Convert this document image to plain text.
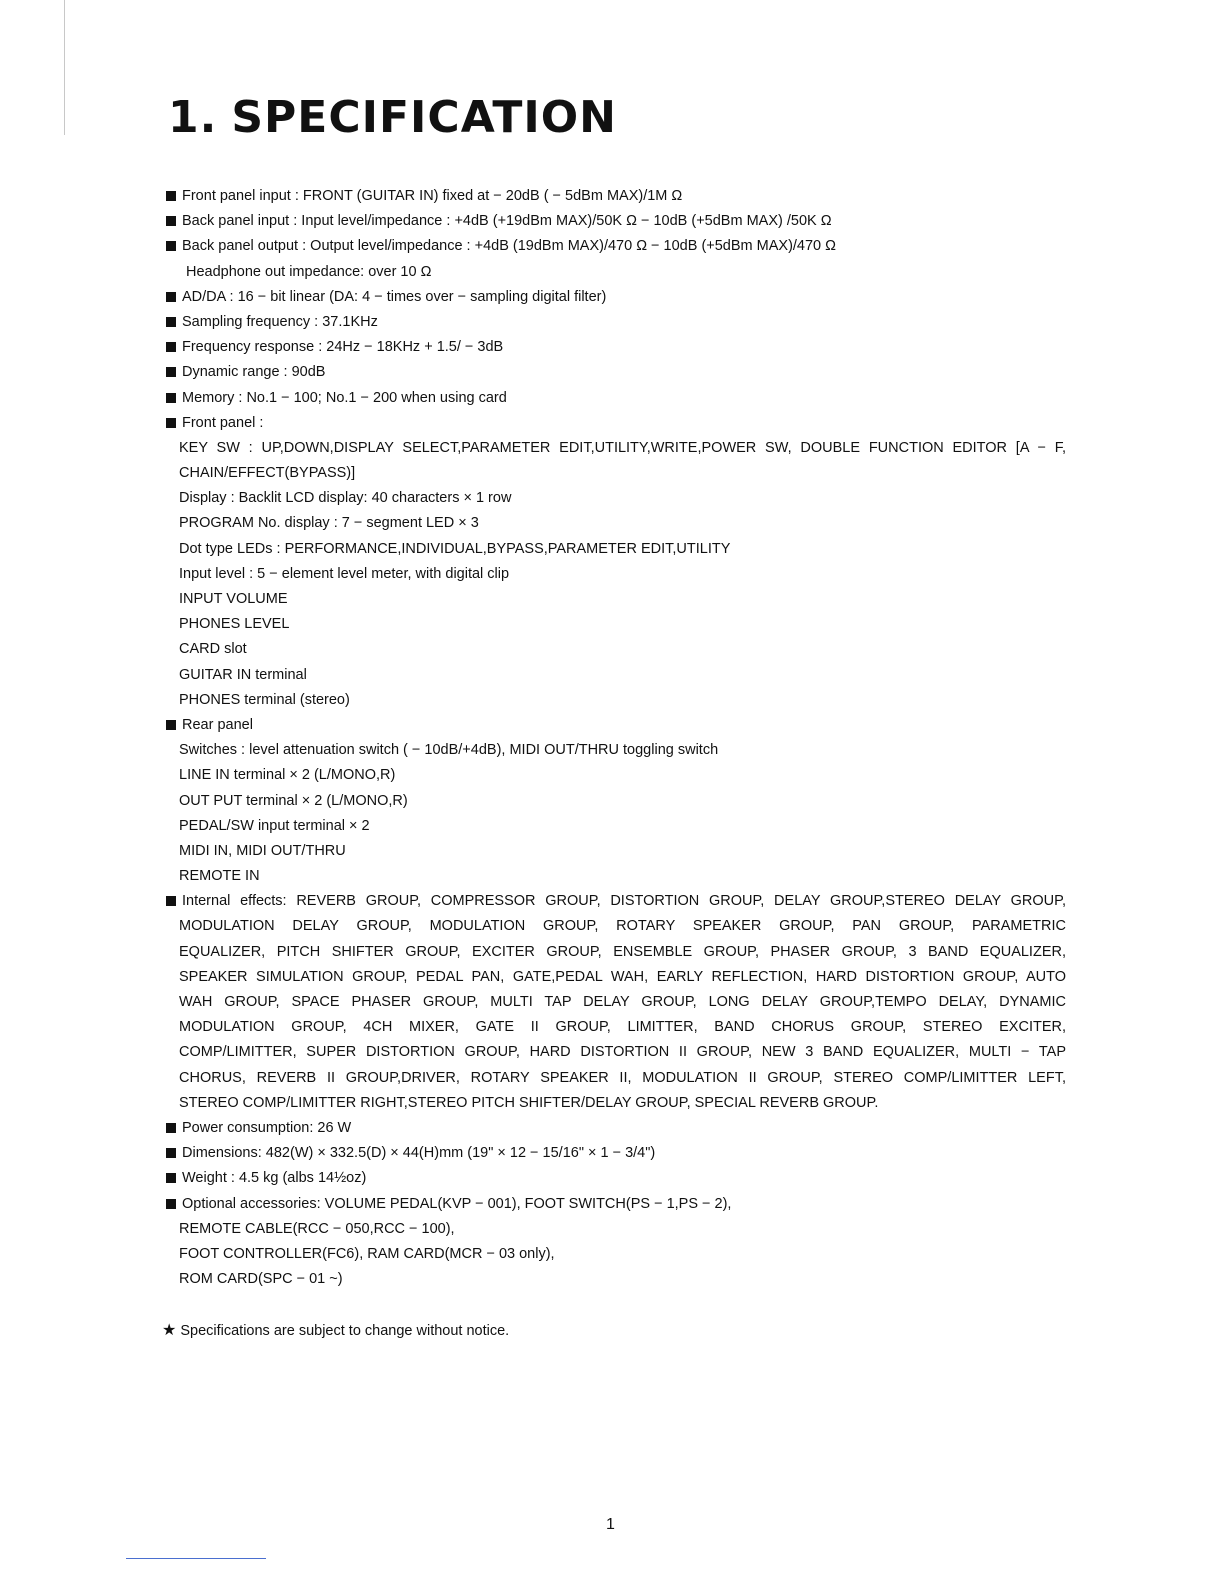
1. SPECIFICATION
Front panel input : FRONT (GUITAR IN) fixed at − 20dB ( − 5dBm MAX)/1M Ω
Back panel input : Input level/impedance : +4dB (+19dBm MAX)/50K Ω − 10dB (+5dBm MAX) /50K Ω
Back panel output : Output level/impedance : +4dB (19dBm MAX)/470 Ω − 10dB (+5dBm MAX)/470 Ω
Headphone out impedance: over 10 Ω
AD/DA : 16 − bit linear (DA: 4 − times over − sampling digital filter)
Sampling frequency : 37.1KHz
Frequency response : 24Hz − 18KHz + 1.5/ − 3dB
Dynamic range : 90dB
Memory : No.1 − 100; No.1 − 200 when using card
Front panel :
KEY SW : UP,DOWN,DISPLAY SELECT,PARAMETER EDIT,UTILITY,WRITE,POWER SW, DOUBLE FUNCTION EDITOR [A − F,
CHAIN/EFFECT(BYPASS)]
Display : Backlit LCD display: 40 characters × 1 row
PROGRAM No. display : 7 − segment LED × 3
Dot type LEDs : PERFORMANCE,INDIVIDUAL,BYPASS,PARAMETER EDIT,UTILITY
Input level : 5 − element level meter, with digital clip
INPUT VOLUME
PHONES LEVEL
CARD slot
GUITAR IN terminal
PHONES terminal (stereo)
Rear panel
Switches : level attenuation switch ( − 10dB/+4dB), MIDI OUT/THRU toggling switch
LINE IN terminal × 2 (L/MONO,R)
OUT PUT terminal × 2 (L/MONO,R)
PEDAL/SW input terminal × 2
MIDI IN, MIDI OUT/THRU
REMOTE IN
Internal effects: REVERB GROUP, COMPRESSOR GROUP, DISTORTION GROUP, DELAY GROUP,STEREO DELAY GROUP,
MODULATION DELAY GROUP, MODULATION GROUP, ROTARY SPEAKER GROUP, PAN GROUP, PARAMETRIC
EQUALIZER, PITCH SHIFTER GROUP, EXCITER GROUP, ENSEMBLE GROUP, PHASER GROUP, 3 BAND EQUALIZER,
SPEAKER SIMULATION GROUP, PEDAL PAN, GATE,PEDAL WAH, EARLY REFLECTION, HARD DISTORTION GROUP, AUTO
WAH GROUP, SPACE PHASER GROUP, MULTI TAP DELAY GROUP, LONG DELAY GROUP,TEMPO DELAY, DYNAMIC
MODULATION GROUP, 4CH MIXER, GATE II GROUP, LIMITTER, BAND CHORUS GROUP, STEREO EXCITER,
COMP/LIMITTER, SUPER DISTORTION GROUP, HARD DISTORTION II GROUP, NEW 3 BAND EQUALIZER, MULTI − TAP
CHORUS, REVERB II GROUP,DRIVER, ROTARY SPEAKER II, MODULATION II GROUP, STEREO COMP/LIMITTER LEFT,
STEREO COMP/LIMITTER RIGHT,STEREO PITCH SHIFTER/DELAY GROUP, SPECIAL REVERB GROUP.
Power consumption: 26 W
Dimensions: 482(W) × 332.5(D) × 44(H)mm (19" × 12 − 15/16" × 1 − 3/4")
Weight : 4.5 kg (albs 14½oz)
Optional accessories: VOLUME PEDAL(KVP − 001), FOOT SWITCH(PS − 1,PS − 2),
REMOTE CABLE(RCC − 050,RCC − 100),
FOOT CONTROLLER(FC6), RAM CARD(MCR − 03 only),
ROM CARD(SPC − 01 ~)
★ Specifications are subject to change without notice.
1
